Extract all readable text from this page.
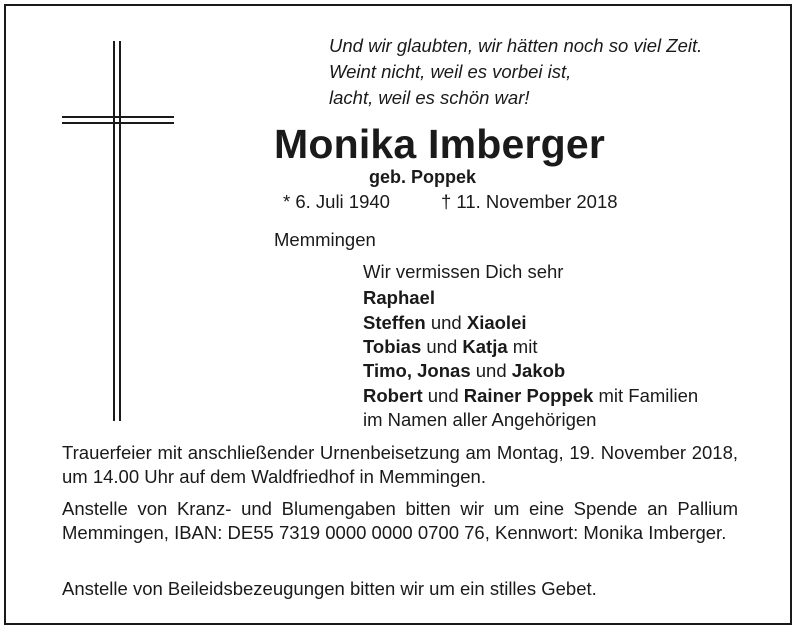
Und wir glaubten, wir hätten noch so viel Zeit.
Weint nicht, weil es vorbei ist,
lacht, weil es schön war!
Monika Imberger
geb. Poppek
* 6. Juli 1940	† 11. November 2018
Memmingen
Wir vermissen Dich sehr
Raphael
Steffen und Xiaolei
Tobias und Katja mit
Timo, Jonas und Jakob
Robert und Rainer Poppek mit Familien
im Namen aller Angehörigen
Trauerfeier mit anschließender Urnenbeisetzung am Montag, 19. November 2018, um 14.00 Uhr auf dem Waldfriedhof in Memmingen.
Anstelle von Kranz- und Blumengaben bitten wir um eine Spende an Pallium Memmingen, IBAN: DE55 7319 0000 0000 0700 76, Kennwort: Monika Imberger.
Anstelle von Beileidsbezeugungen bitten wir um ein stilles Gebet.
